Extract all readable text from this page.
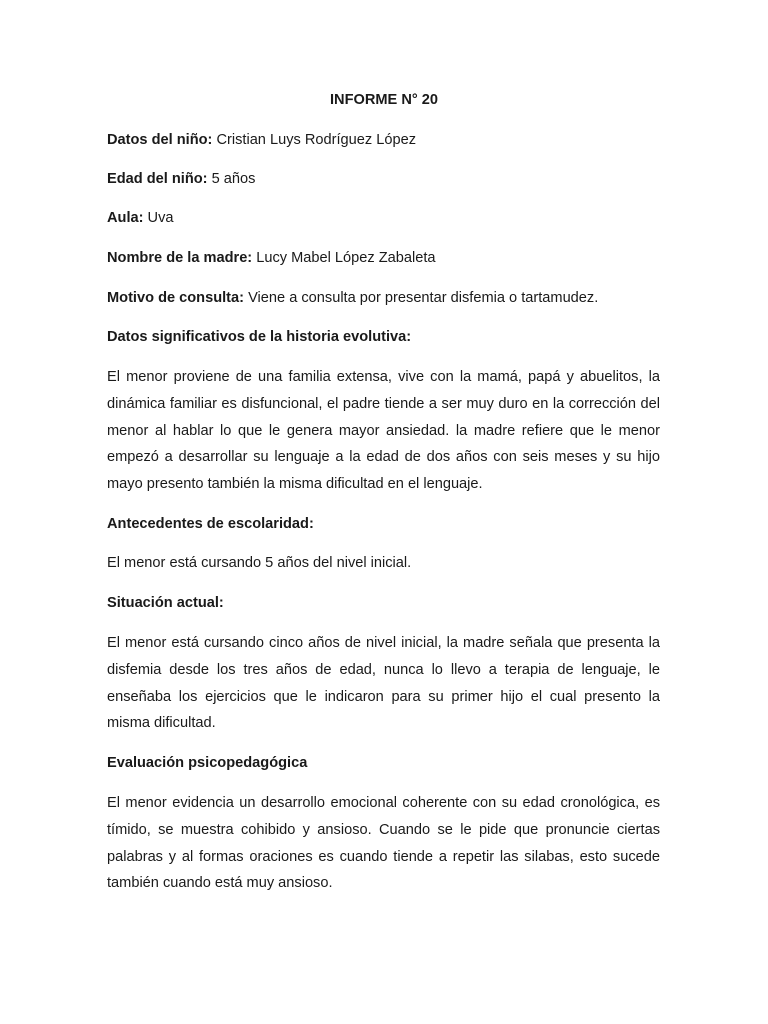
INFORME N° 20

Datos del niño: Cristian Luys Rodríguez López

Edad del niño: 5 años

Aula: Uva

Nombre de la madre: Lucy Mabel López Zabaleta

Motivo de consulta: Viene a consulta por presentar disfemia o tartamudez.

Datos significativos de la historia evolutiva:

El menor proviene de una familia extensa, vive con la mamá, papá y abuelitos, la dinámica familiar es disfuncional, el padre tiende a ser muy duro en la corrección del menor al hablar lo que le genera mayor ansiedad. la madre refiere que le menor empezó a desarrollar su lenguaje a la edad de dos años con seis meses y su hijo mayo presento también la misma dificultad en el lenguaje.

Antecedentes de escolaridad:

El menor está cursando 5 años del nivel inicial.

Situación actual:

El menor está cursando cinco años de nivel inicial, la madre señala que presenta la disfemia desde los tres años de edad, nunca lo llevo a terapia de lenguaje, le enseñaba los ejercicios que le indicaron para su primer hijo el cual presento la misma dificultad.

Evaluación psicopedagógica

El menor evidencia un desarrollo emocional coherente con su edad cronológica, es tímido, se muestra cohibido y ansioso. Cuando se le pide que pronuncie ciertas palabras y al formas oraciones es cuando tiende a repetir las silabas, esto sucede también cuando está muy ansioso.
